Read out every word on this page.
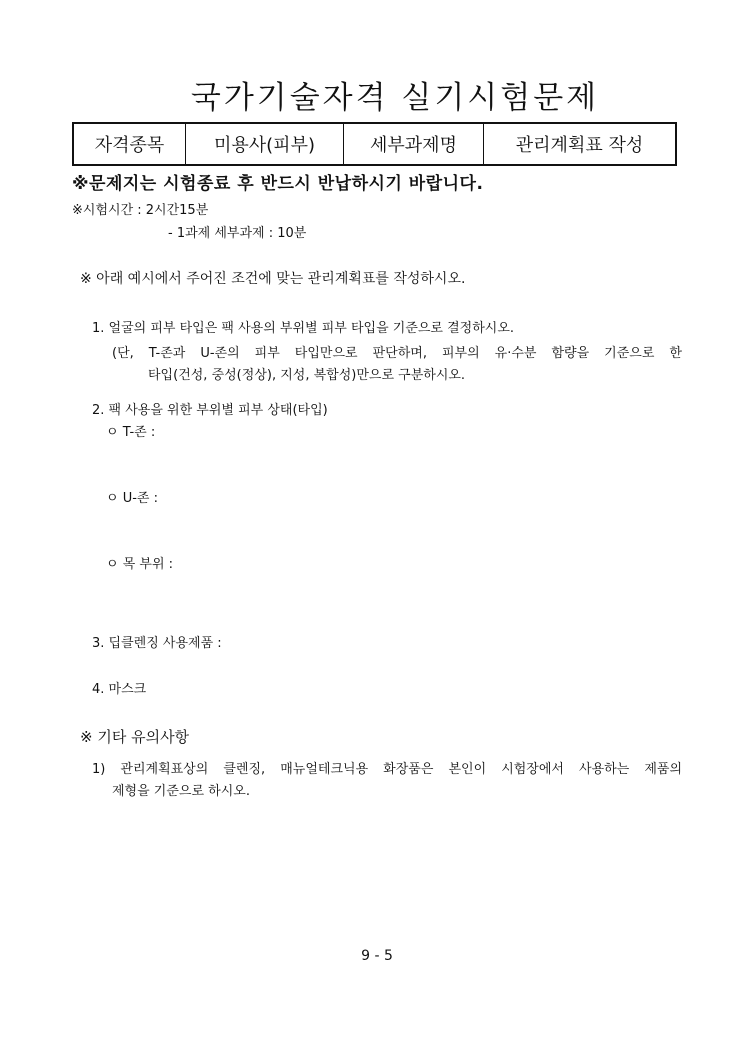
국가기술자격 실기시험문제
자격종목	미용사(피부)	세부과제명	관리계획표 작성
※문제지는 시험종료 후 반드시 반납하시기 바랍니다.
※시험시간 : 2시간15분
- 1과제 세부과제 : 10분
※ 아래 예시에서 주어진 조건에 맞는 관리계획표를 작성하시오.
1. 얼굴의 피부 타입은 팩 사용의 부위별 피부 타입을 기준으로 결정하시오.
(단, T-존과 U-존의 피부 타입만으로 판단하며, 피부의 유·수분 함량을 기준으로 한
타입(건성, 중성(정상), 지성, 복합성)만으로 구분하시오.
2. 팩 사용을 위한 부위별 피부 상태(타입)
ㅇ T-존 :
ㅇ U-존 :
ㅇ 목 부위 :
3. 딥클렌징 사용제품 :
4. 마스크
※ 기타 유의사항
1) 관리계획표상의 클렌징, 매뉴얼테크닉용 화장품은 본인이 시험장에서 사용하는 제품의
제형을 기준으로 하시오.
9 - 5
